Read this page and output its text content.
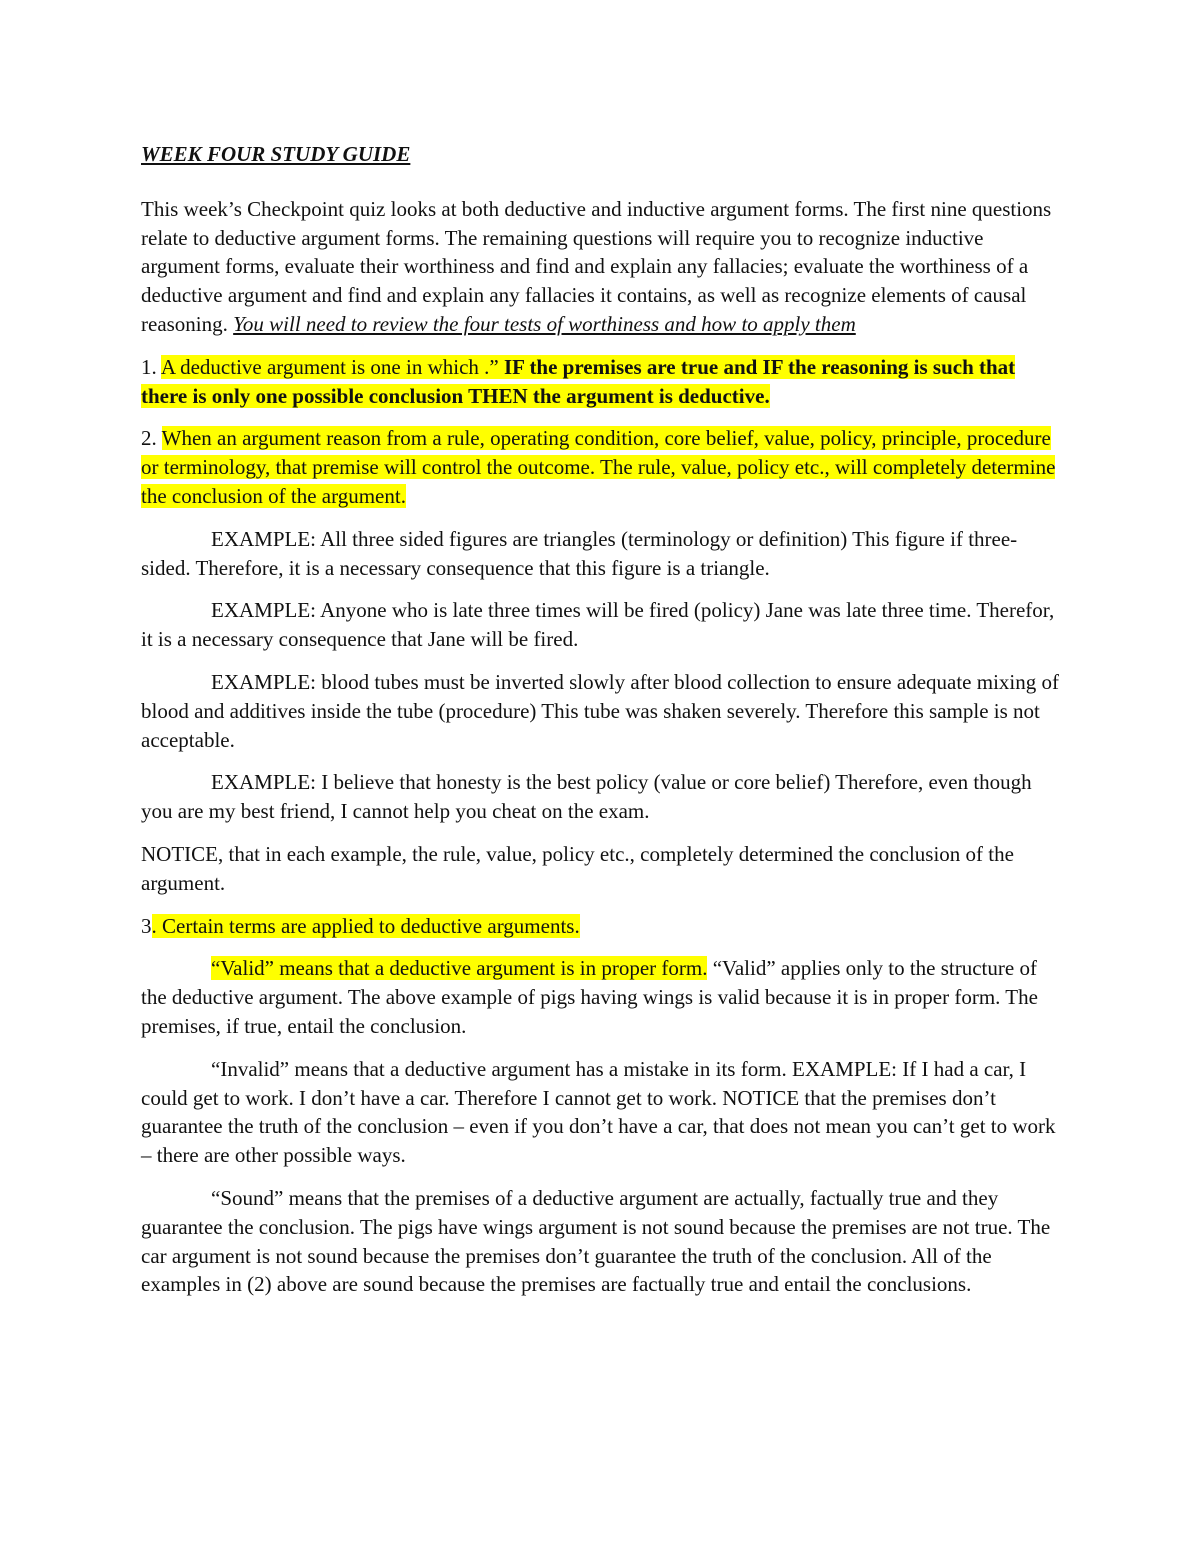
WEEK FOUR STUDY GUIDE

This week’s Checkpoint quiz looks at both deductive and inductive argument forms. The first nine questions relate to deductive argument forms. The remaining questions will require you to recognize inductive argument forms, evaluate their worthiness and find and explain any fallacies; evaluate the worthiness of a deductive argument and find and explain any fallacies it contains, as well as recognize elements of causal reasoning. You will need to review the four tests of worthiness and how to apply them

1. A deductive argument is one in which .” IF the premises are true and IF the reasoning is such that there is only one possible conclusion THEN the argument is deductive.

2. When an argument reason from a rule, operating condition, core belief, value, policy, principle, procedure or terminology, that premise will control the outcome. The rule, value, policy etc., will completely determine the conclusion of the argument.

EXAMPLE: All three sided figures are triangles (terminology or definition) This figure if three-sided. Therefore, it is a necessary consequence that this figure is a triangle.

EXAMPLE: Anyone who is late three times will be fired (policy) Jane was late three time. Therefor, it is a necessary consequence that Jane will be fired.

EXAMPLE: blood tubes must be inverted slowly after blood collection to ensure adequate mixing of blood and additives inside the tube (procedure) This tube was shaken severely. Therefore this sample is not acceptable.

EXAMPLE: I believe that honesty is the best policy (value or core belief) Therefore, even though you are my best friend, I cannot help you cheat on the exam.

NOTICE, that in each example, the rule, value, policy etc., completely determined the conclusion of the argument.

3. Certain terms are applied to deductive arguments.

“Valid” means that a deductive argument is in proper form. “Valid” applies only to the structure of the deductive argument. The above example of pigs having wings is valid because it is in proper form. The premises, if true, entail the conclusion.

“Invalid” means that a deductive argument has a mistake in its form. EXAMPLE: If I had a car, I could get to work. I don’t have a car. Therefore I cannot get to work. NOTICE that the premises don’t guarantee the truth of the conclusion – even if you don’t have a car, that does not mean you can’t get to work – there are other possible ways.

“Sound” means that the premises of a deductive argument are actually, factually true and they guarantee the conclusion. The pigs have wings argument is not sound because the premises are not true. The car argument is not sound because the premises don’t guarantee the truth of the conclusion. All of the examples in (2) above are sound because the premises are factually true and entail the conclusions.
